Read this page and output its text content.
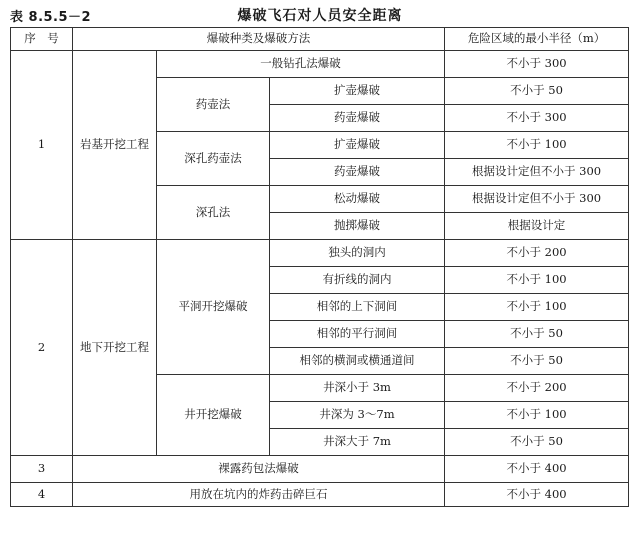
表 8.5.5－2	爆破飞石对人员安全距离
序　号	爆破种类及爆破方法			危险区域的最小半径（m）
1	岩基开挖工程	一般钻孔法爆破		不小于 300
		药壶法	扩壶爆破	不小于 50
			药壶爆破	不小于 300
		深孔药壶法	扩壶爆破	不小于 100
			药壶爆破	根据设计定但不小于 300
		深孔法	松动爆破	根据设计定但不小于 300
			抛掷爆破	根据设计定
2	地下开挖工程	平洞开挖爆破	独头的洞内	不小于 200
			有折线的洞内	不小于 100
			相邻的上下洞间	不小于 100
			相邻的平行洞间	不小于 50
			相邻的横洞或横通道间	不小于 50
		井开挖爆破	井深小于 3m	不小于 200
			井深为 3～7m	不小于 100
			井深大于 7m	不小于 50
3	裸露药包法爆破			不小于 400
4	用放在坑内的炸药击碎巨石			不小于 400
